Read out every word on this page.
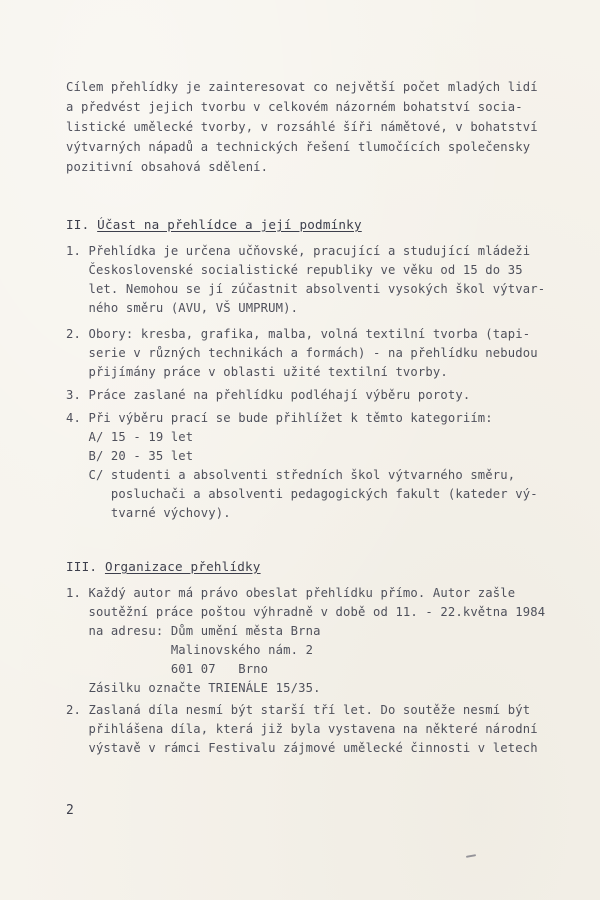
Cílem přehlídky je zainteresovat co největší počet mladých lidí
a předvést jejich tvorbu v celkovém názorném bohatství socia-
listické umělecké tvorby, v rozsáhlé šíři námětové, v bohatství
výtvarných nápadů a technických řešení tlumočících společensky
pozitivní obsahová sdělení.
II. Účast na přehlídce a její podmínky
1. Přehlídka je určena učňovské, pracující a studující mládeži
Československé socialistické republiky ve věku od 15 do 35
let. Nemohou se jí zúčastnit absolventi vysokých škol výtvar-
ného směru (AVU, VŠ UMPRUM).
2. Obory: kresba, grafika, malba, volná textilní tvorba (tapi-
serie v různých technikách a formách) - na přehlídku nebudou
přijímány práce v oblasti užité textilní tvorby.
3. Práce zaslané na přehlídku podléhají výběru poroty.
4. Při výběru prací se bude přihlížet k těmto kategoriím:
A/ 15 - 19 let
B/ 20 - 35 let
C/ studenti a absolventi středních škol výtvarného směru,
posluchači a absolventi pedagogických fakult (kateder vý-
tvarné výchovy).
III. Organizace přehlídky
1. Každý autor má právo obeslat přehlídku přímo. Autor zašle
soutěžní práce poštou výhradně v době od 11. - 22.května 1984
na adresu: Dům umění města Brna
Malinovského nám. 2
601 07   Brno
Zásilku označte TRIENÁLE 15/35.
2. Zaslaná díla nesmí být starší tří let. Do soutěže nesmí být
přihlášena díla, která již byla vystavena na některé národní
výstavě v rámci Festivalu zájmové umělecké činnosti v letech
2
